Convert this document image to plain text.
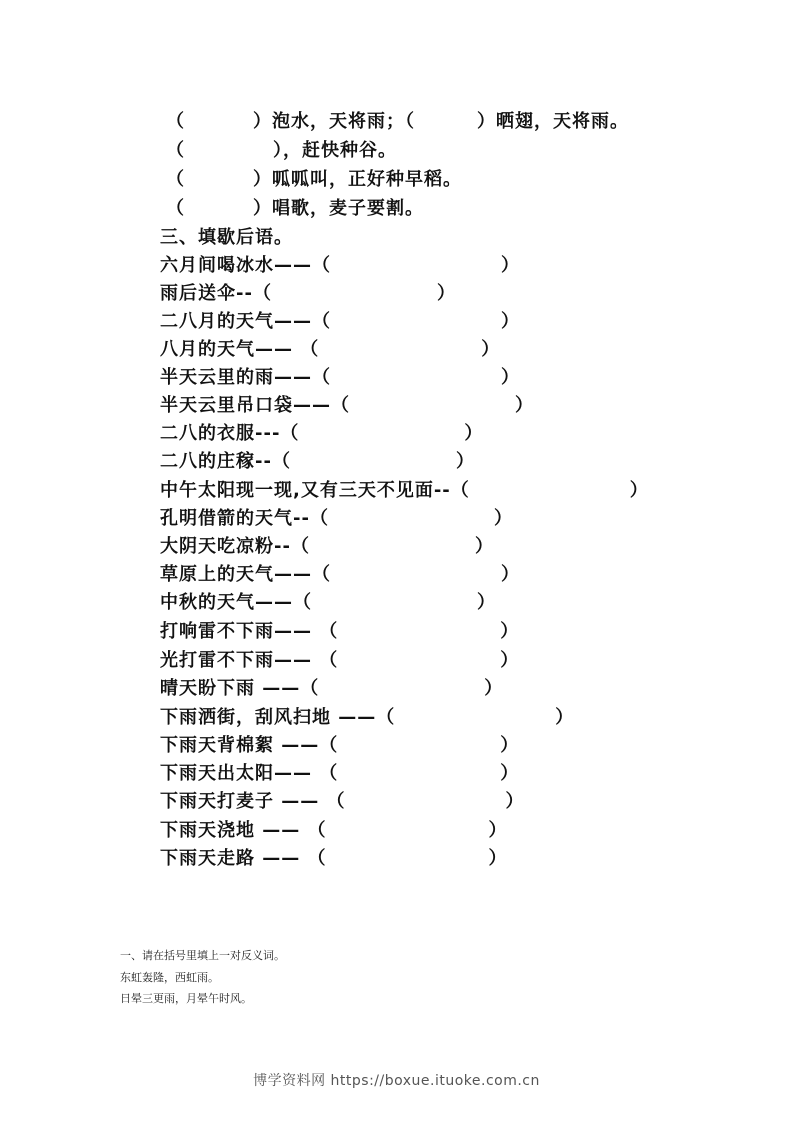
（	）泡水，天将雨；（	）晒翅，天将雨。
（	），赶快种谷。
（	）呱呱叫，正好种早稻。
（	）唱歌，麦子要割。
三、填歇后语。
六月间喝冰水——（	）
雨后送伞--（	）
二八月的天气——（	）
八月的天气—— （	）
半天云里的雨——（	）
半天云里吊口袋——（	）
二八的衣服---（	）
二八的庄稼--（	）
中午太阳现一现,又有三天不见面--（	）
孔明借箭的天气--（	）
大阴天吃凉粉--（	）
草原上的天气——（	）
中秋的天气——（	）
打响雷不下雨—— （	）
光打雷不下雨—— （	）
晴天盼下雨 ——（	）
下雨洒街，刮风扫地 ——（	）
下雨天背棉絮 ——（	）
下雨天出太阳—— （	）
下雨天打麦子 —— （	）
下雨天浇地 —— （	）
下雨天走路 —— （	）
一、请在括号里填上一对反义词。
东虹轰隆，西虹雨。
日晕三更雨，月晕午时风。
博学资料网 https://boxue.ituoke.com.cn
